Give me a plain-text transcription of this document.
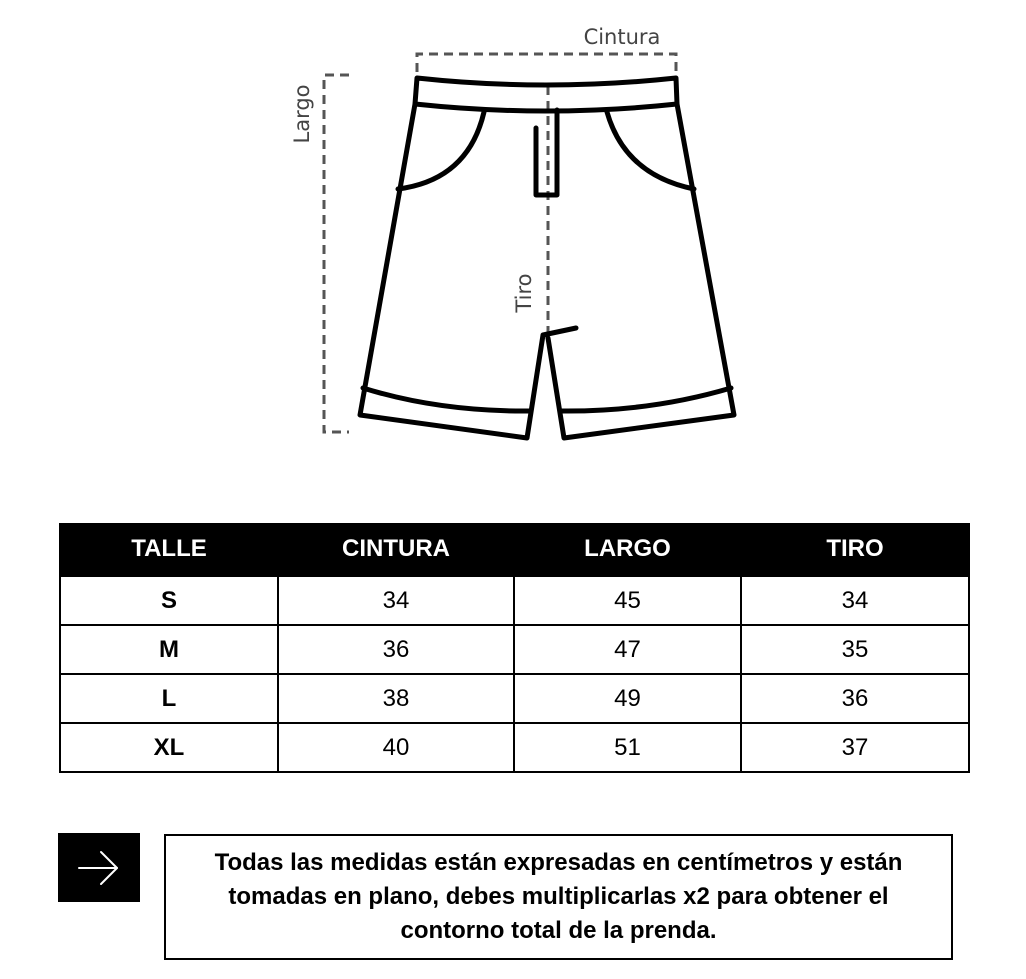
Cintura
Largo
Tiro
TALLE	CINTURA	LARGO	TIRO
S	34	45	34
M	36	47	35
L	38	49	36
XL	40	51	37

Todas las medidas están expresadas en centímetros y están tomadas en plano, debes multiplicarlas x2 para obtener el contorno total de la prenda.
